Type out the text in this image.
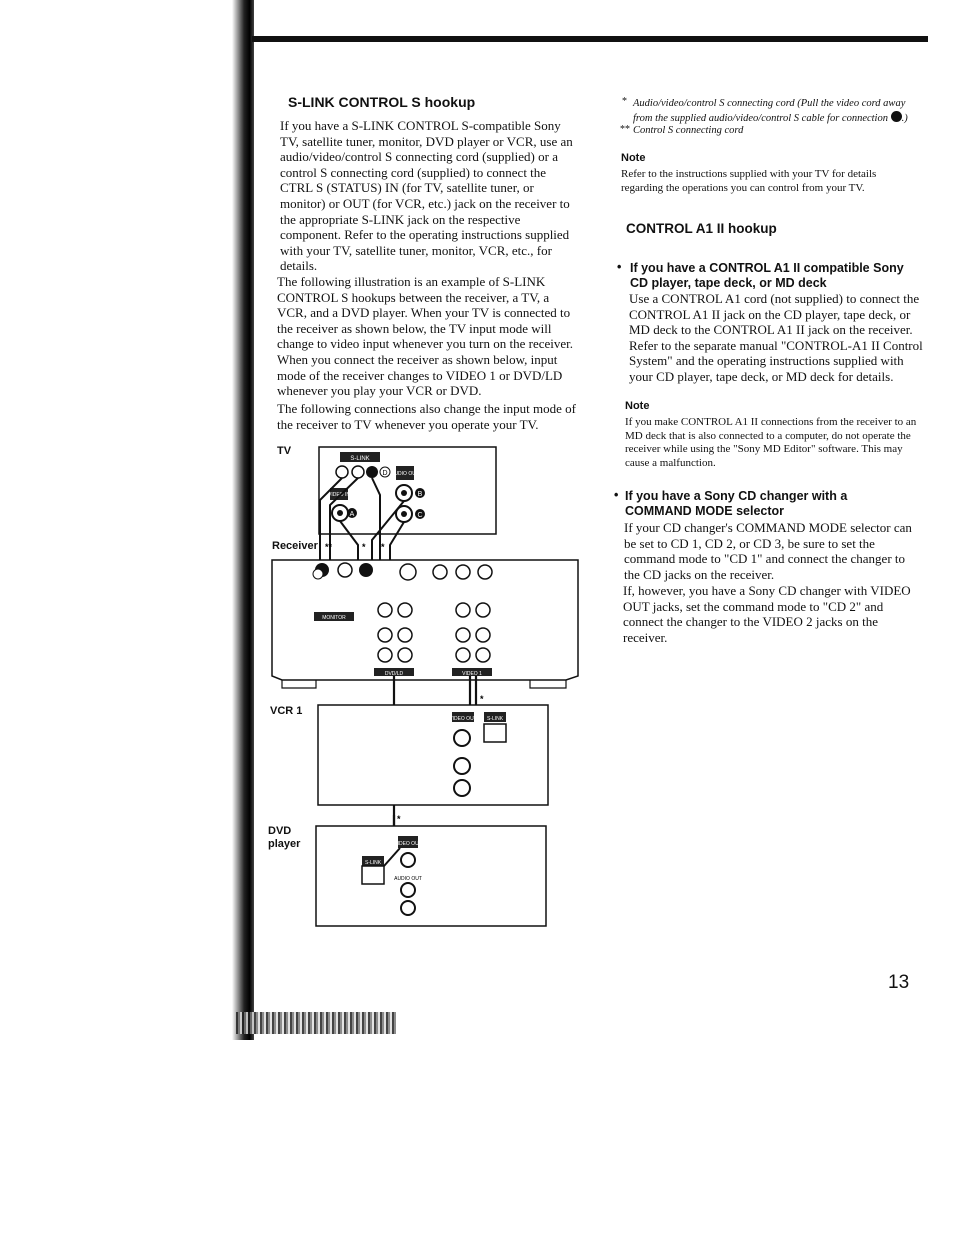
S-LINK CONTROL S hookup

If you have a S-LINK CONTROL S-compatible Sony TV, satellite tuner, monitor, DVD player or VCR, use an audio/video/control S connecting cord (supplied) or a control S connecting cord (supplied) to connect the CTRL S (STATUS) IN (for TV, satellite tuner, or monitor) or OUT (for VCR, etc.) jack on the receiver to the appropriate S-LINK jack on the respective component. Refer to the operating instructions supplied with your TV, satellite tuner, monitor, VCR, etc., for details.

The following illustration is an example of S-LINK CONTROL S hookups between the receiver, a TV, a VCR, and a DVD player. When your TV is connected to the receiver as shown below, the TV input mode will change to video input whenever you turn on the receiver. When you connect the receiver as shown below, input mode of the receiver changes to VIDEO 1 or DVD/LD whenever you play your VCR or DVD.

The following connections also change the input mode of the receiver to TV whenever you operate your TV.

TV
Receiver
VCR 1
DVD
player
S-LINK
D AUDIO OUT
VIDEO IN
A
B
C
**	* *
MONITOR
DVD/LD	VIDEO 1
*
*
VIDEO OUT S-LINK
S-LINK
VIDEO OUT
AUDIO OUT
* Audio/video/control S connecting cord (Pull the video cord away from the supplied audio/video/control S cable for connection .)

** Control S connecting cord

Note

Refer to the instructions supplied with your TV for details regarding the operations you can control from your TV.

CONTROL A1 II hookup
• If you have a CONTROL A1 II compatible Sony CD player, tape deck, or MD deck

Use a CONTROL A1 cord (not supplied) to connect the CONTROL A1 II jack on the CD player, tape deck, or MD deck to the CONTROL A1 II jack on the receiver. Refer to the separate manual "CONTROL-A1 II Control System" and the operating instructions supplied with your CD player, tape deck, or MD deck for details.

Note

If you make CONTROL A1 II connections from the receiver to an MD deck that is also connected to a computer, do not operate the receiver while using the "Sony MD Editor" software. This may cause a malfunction.

• If you have a Sony CD changer with a COMMAND MODE selector

If your CD changer's COMMAND MODE selector can be set to CD 1, CD 2, or CD 3, be sure to set the command mode to "CD 1" and connect the changer to the CD jacks on the receiver.

If, however, you have a Sony CD changer with VIDEO OUT jacks, set the command mode to "CD 2" and connect the changer to the VIDEO 2 jacks on the receiver.

13
